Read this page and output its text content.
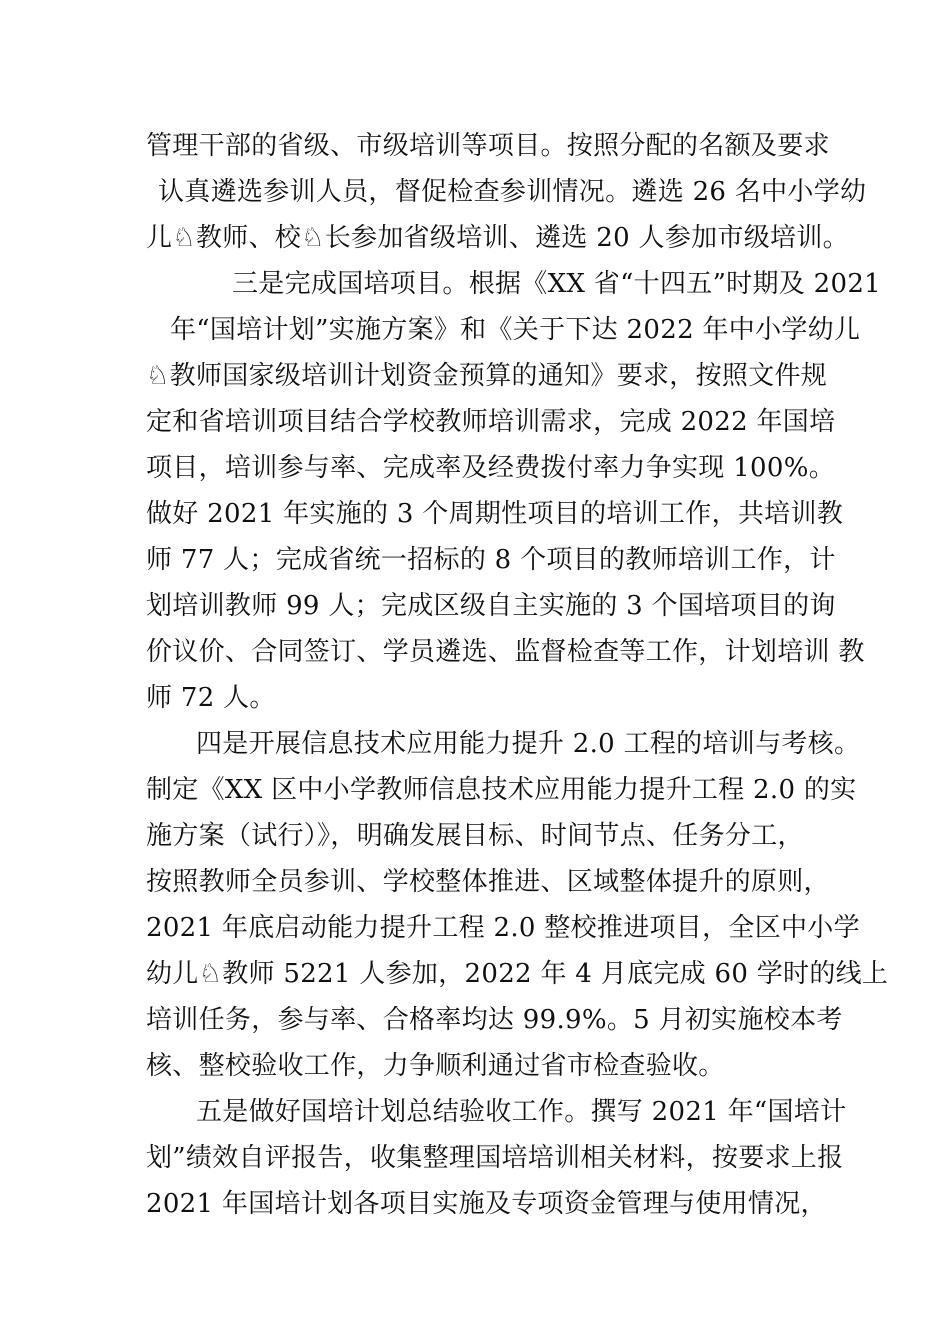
管理干部的省级、市级培训等项目。按照分配的名额及要求
认真遴选参训人员，督促检查参训情况。遴选 26 名中小学幼
儿♘教师、校♘长参加省级培训、遴选 20 人参加市级培训。
三是完成国培项目。根据《XX 省“十四五”时期及 2021
年“国培计划”实施方案》和《关于下达 2022 年中小学幼儿
♘教师国家级培训计划资金预算的通知》要求，按照文件规
定和省培训项目结合学校教师培训需求，完成 2022 年国培
项目，培训参与率、完成率及经费拨付率力争实现 100%。
做好 2021 年实施的 3 个周期性项目的培训工作，共培训教
师 77 人；完成省统一招标的 8 个项目的教师培训工作，计
划培训教师 99 人；完成区级自主实施的 3 个国培项目的询
价议价、合同签订、学员遴选、监督检查等工作，计划培训 教
师 72 人。
四是开展信息技术应用能力提升 2.0 工程的培训与考核。
制定《XX 区中小学教师信息技术应用能力提升工程 2.0 的实
施方案（试行）》，明确发展目标、时间节点、任务分工，
按照教师全员参训、学校整体推进、区域整体提升的原则，
2021 年底启动能力提升工程 2.0 整校推进项目，全区中小学
幼儿♘教师 5221 人参加，2022 年 4 月底完成 60 学时的线上
培训任务，参与率、合格率均达 99.9%。5 月初实施校本考
核、整校验收工作，力争顺利通过省市检查验收。
五是做好国培计划总结验收工作。撰写 2021 年“国培计
划”绩效自评报告，收集整理国培培训相关材料，按要求上报
2021 年国培计划各项目实施及专项资金管理与使用情况，
